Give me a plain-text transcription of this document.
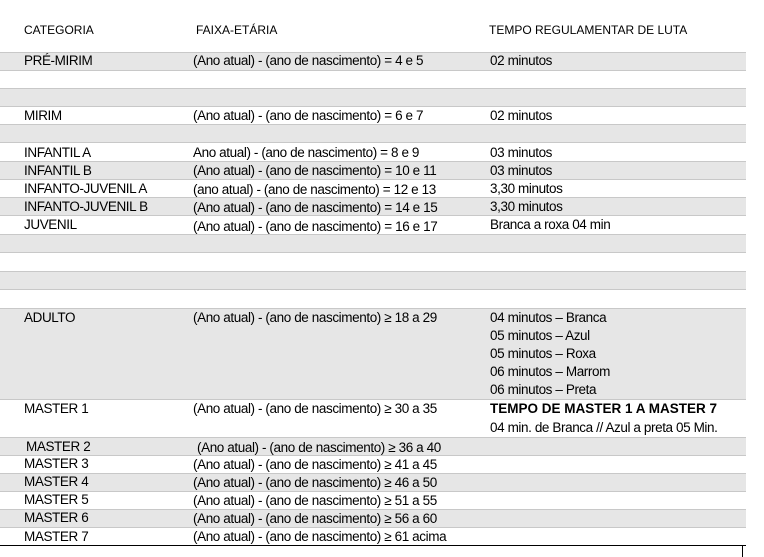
CATEGORIA	FAIXA-ETÁRIA	TEMPO REGULAMENTAR DE LUTA
PRÉ-MIRIM	(Ano atual) - (ano de nascimento) = 4 e 5	02 minutos
MIRIM	(Ano atual) - (ano de nascimento) = 6 e 7	02 minutos
INFANTIL A	Ano atual) - (ano de nascimento) = 8 e 9	03 minutos
INFANTIL B	(Ano atual) - (ano de nascimento) = 10 e 11	03 minutos
INFANTO-JUVENIL A	(ano atual) - (ano de nascimento) = 12 e 13	3,30 minutos
INFANTO-JUVENIL B	(Ano atual) - (ano de nascimento) = 14 e 15	3,30 minutos
JUVENIL	(Ano atual) - (ano de nascimento) = 16 e 17	Branca a roxa 04 min
ADULTO	(Ano atual) - (ano de nascimento) ≥ 18 a 29	04 minutos – Branca
05 minutos – Azul
05 minutos – Roxa
06 minutos – Marrom
06 minutos – Preta
MASTER 1	(Ano atual) - (ano de nascimento) ≥ 30 a 35	TEMPO DE MASTER 1 A MASTER 7
04 min. de Branca // Azul a preta 05 Min.
MASTER 2	(Ano atual) - (ano de nascimento) ≥ 36 a 40
MASTER 3	(Ano atual) - (ano de nascimento) ≥ 41 a 45
MASTER 4	(Ano atual) - (ano de nascimento) ≥ 46 a 50
MASTER 5	(Ano atual) - (ano de nascimento) ≥ 51 a 55
MASTER 6	(Ano atual) - (ano de nascimento) ≥ 56 a 60
MASTER 7	(Ano atual) - (ano de nascimento) ≥ 61 acima
